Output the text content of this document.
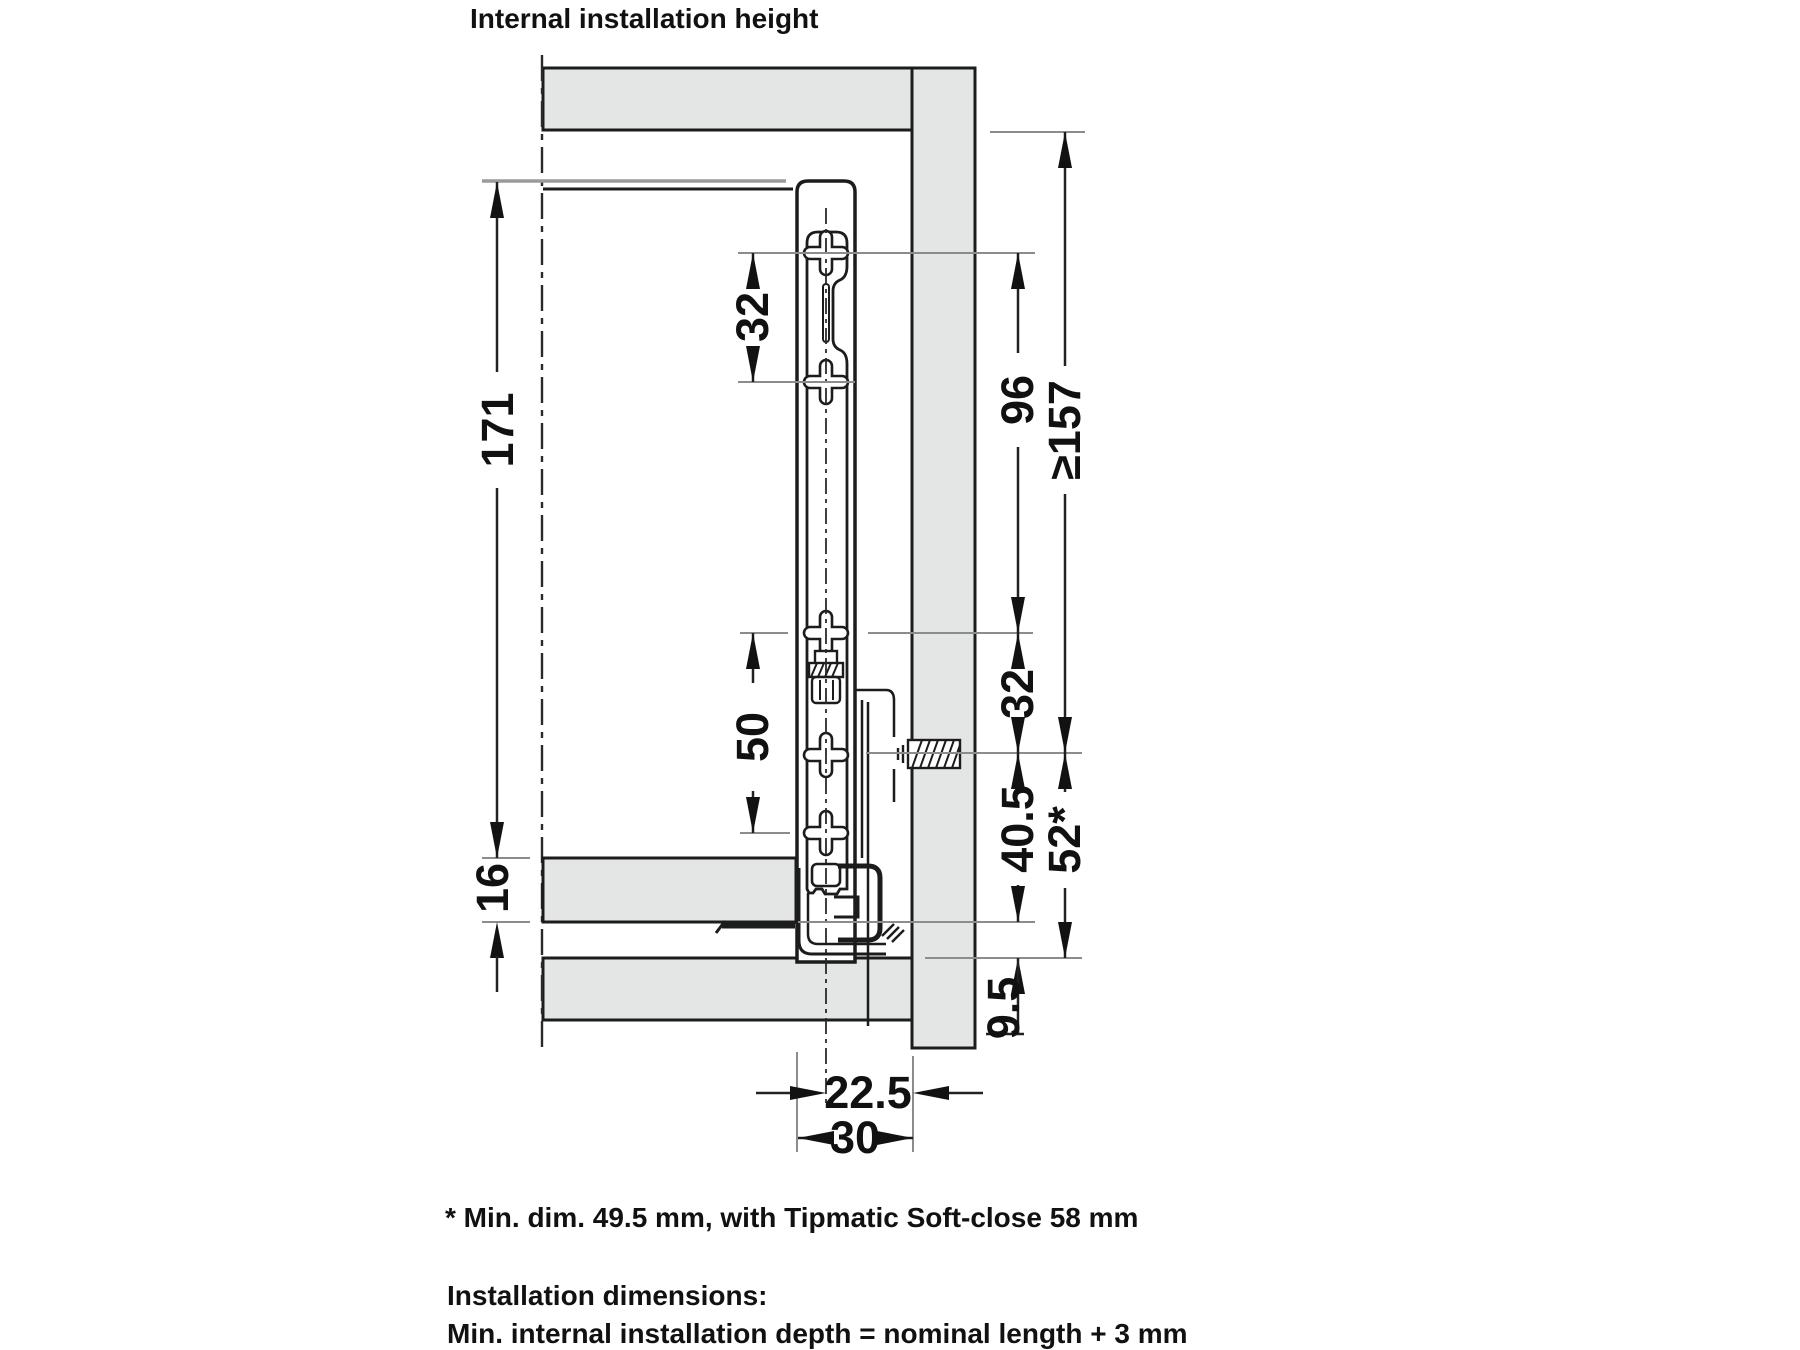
171
16
32
50
96
32
40.5
9.5
≥157
52*
22.5
30
Internal installation height
* Min. dim. 49.5 mm, with Tipmatic Soft-close 58 mm
Installation dimensions:
Min. internal installation depth = nominal length + 3 mm
